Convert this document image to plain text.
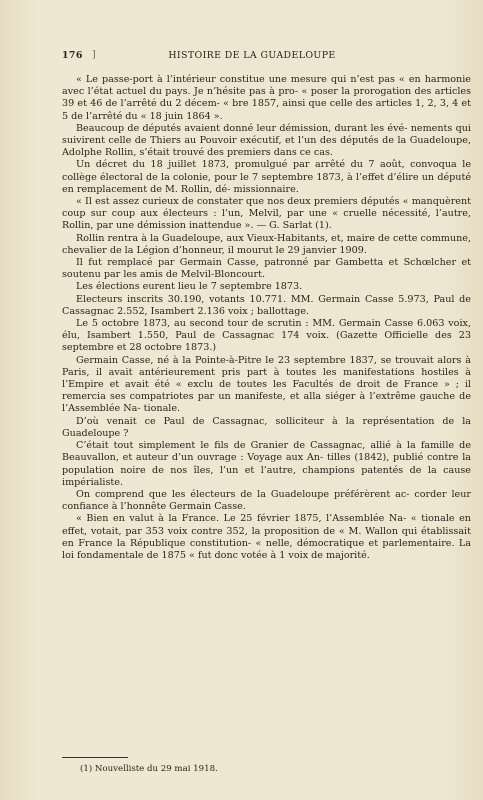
176 ]	HISTOIRE DE LA GUADELOUPE

« Le passe-port à l’intérieur constitue une mesure qui n’est pas « en harmonie avec l’état actuel du pays. Je n’hésite pas à pro- « poser la prorogation des articles 39 et 46 de l’arrêté du 2 décem- « bre 1857, ainsi que celle des articles 1, 2, 3, 4 et 5 de l’arrêté du « 18 juin 1864 ».

Beaucoup de députés avaient donné leur démission, durant les évé- nements qui suivirent celle de Thiers au Pouvoir exécutif, et l’un des députés de la Guadeloupe, Adolphe Rollin, s’était trouvé des premiers dans ce cas.

Un décret du 18 juillet 1873, promulgué par arrêté du 7 août, convoqua le collège électoral de la colonie, pour le 7 septembre 1873, à l’effet d’élire un député en remplacement de M. Rollin, dé- missionnaire.

« Il est assez curieux de constater que nos deux premiers députés « manquèrent coup sur coup aux électeurs : l’un, Melvil, par une « cruelle nécessité, l’autre, Rollin, par une démission inattendue ». — G. Sarlat (1).

Rollin rentra à la Guadeloupe, aux Vieux-Habitants, et, maire de cette commune, chevalier de la Légion d’honneur, il mourut le 29 janvier 1909.

Il fut remplacé par Germain Casse, patronné par Gambetta et Schœlcher et soutenu par les amis de Melvil-Bloncourt.

Les élections eurent lieu le 7 septembre 1873.

Electeurs inscrits 30.190, votants 10.771. MM. Germain Casse 5.973, Paul de Cassagnac 2.552, Isambert 2.136 voix ; ballottage.

Le 5 octobre 1873, au second tour de scrutin : MM. Germain Casse 6.063 voix, élu, Isambert 1.550, Paul de Cassagnac 174 voix. (Gazette Officielle des 23 septembre et 28 octobre 1873.)

Germain Casse, né à la Pointe-à-Pitre le 23 septembre 1837, se trouvait alors à Paris, il avait antérieurement pris part à toutes les manifestations hostiles à l’Empire et avait été « exclu de toutes les Facultés de droit de France » ; il remercia ses compatriotes par un manifeste, et alla siéger à l’extrême gauche de l’Assemblée Na- tionale.

D’où venait ce Paul de Cassagnac, solliciteur à la représentation de la Guadeloupe ?

C’était tout simplement le fils de Granier de Cassagnac, allié à la famille de Beauvallon, et auteur d’un ouvrage : Voyage aux An- tilles (1842), publié contre la population noire de nos îles, l’un et l’autre, champions patentés de la cause impérialiste.

On comprend que les électeurs de la Guadeloupe préférèrent ac- corder leur confiance à l’honnête Germain Casse.

« Bien en valut à la France. Le 25 février 1875, l’Assemblée Na- « tionale en effet, votait, par 353 voix contre 352, la proposition de « M. Wallon qui établissait en France la République constitution- « nelle, démocratique et parlementaire. La loi fondamentale de 1875 « fut donc votée à 1 voix de majorité.

(1) Nouvelliste du 29 mai 1918.
